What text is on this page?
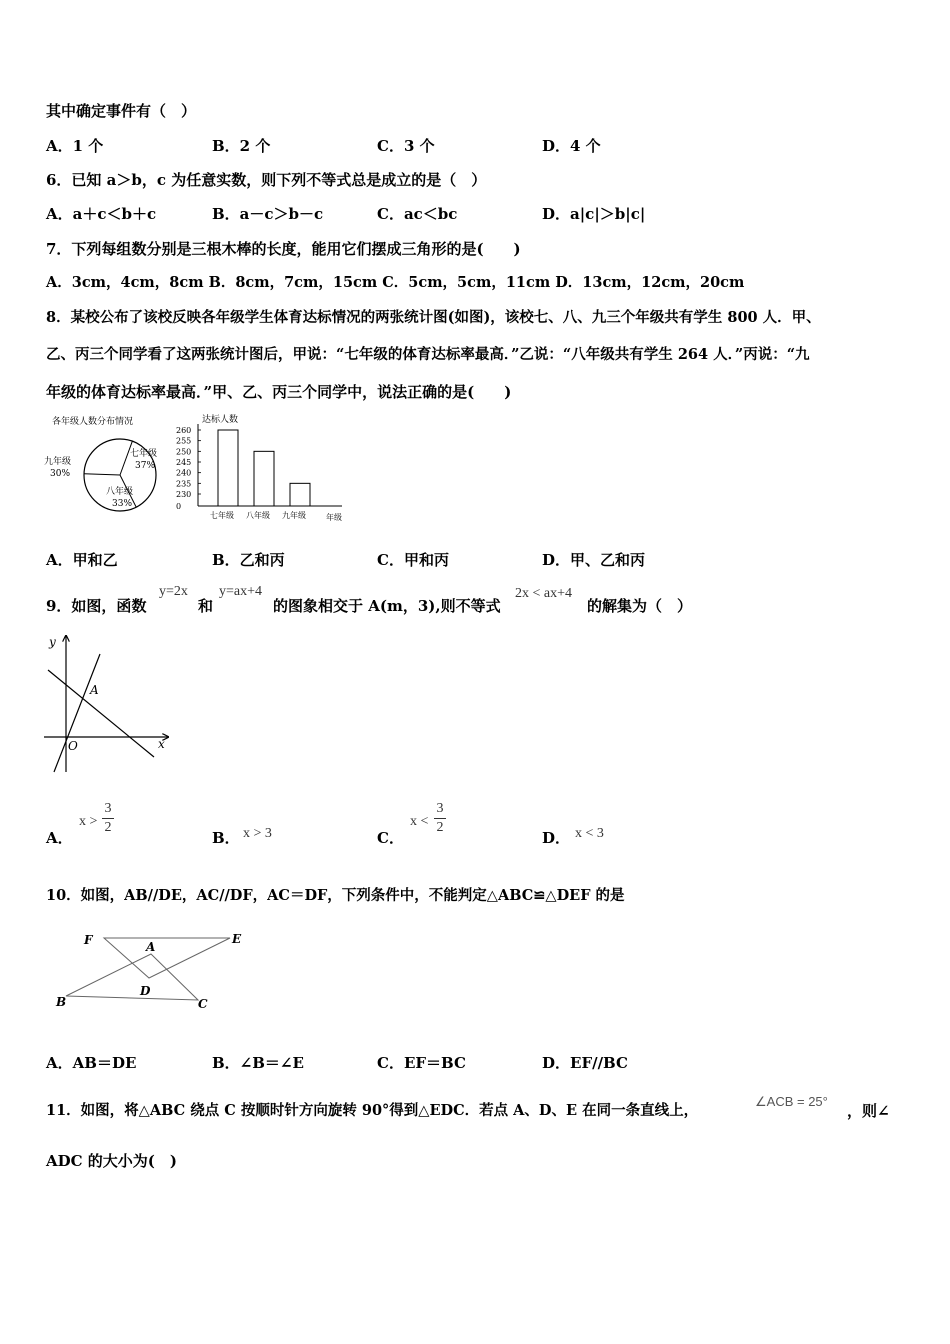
其中确定事件有（　）
A．1 个	B．2 个	C．3 个	D．4 个
6．已知 a＞b，c 为任意实数，则下列不等式总是成立的是（　）
A．a＋c＜b＋c	B．a－c＞b－c	C．ac＜bc	D．a|c|＞b|c|
7．下列每组数分别是三根木棒的长度，能用它们摆成三角形的是(　　)
A．3cm，4cm，8cm B．8cm，7cm，15cm C．5cm，5cm，11cm D．13cm，12cm，20cm
8．某校公布了该校反映各年级学生体育达标情况的两张统计图(如图)，该校七、八、九三个年级共有学生 800 人．甲、
乙、丙三个同学看了这两张统计图后，甲说：“七年级的体育达标率最高．”乙说：“八年级共有学生 264 人．”丙说：“九
年级的体育达标率最高．”甲、乙、丙三个同学中，说法正确的是(　　)
各年级人数分布情况
七年级
37%
八年级
33%
九年级
30%
达标人数
260
255
250
245
240
235
230
0
七年级 八年级 九年级	年级
A．甲和乙	B．乙和丙	C．甲和丙	D．甲、乙和丙
9．如图，函数
y=2x
和
y=ax+4
的图象相交于 A(m，3),则不等式
2x < ax+4
的解集为（　）
y
x
A
O
A．
x >
3
2
B． x > 3	C．
x <
3
2
D． x < 3
10．如图，AB//DE，AC//DF，AC＝DF，下列条件中，不能判定△ABC≌△DEF 的是
F	A
E
D
B	C
A．AB＝DE	B．∠B＝∠E	C．EF＝BC	D．EF//BC
11．如图，将△ABC 绕点 C 按顺时针方向旋转 90°得到△EDC．若点 A、D、E 在同一条直线上，
∠ACB = 25°
，则∠
ADC 的大小为(　)
